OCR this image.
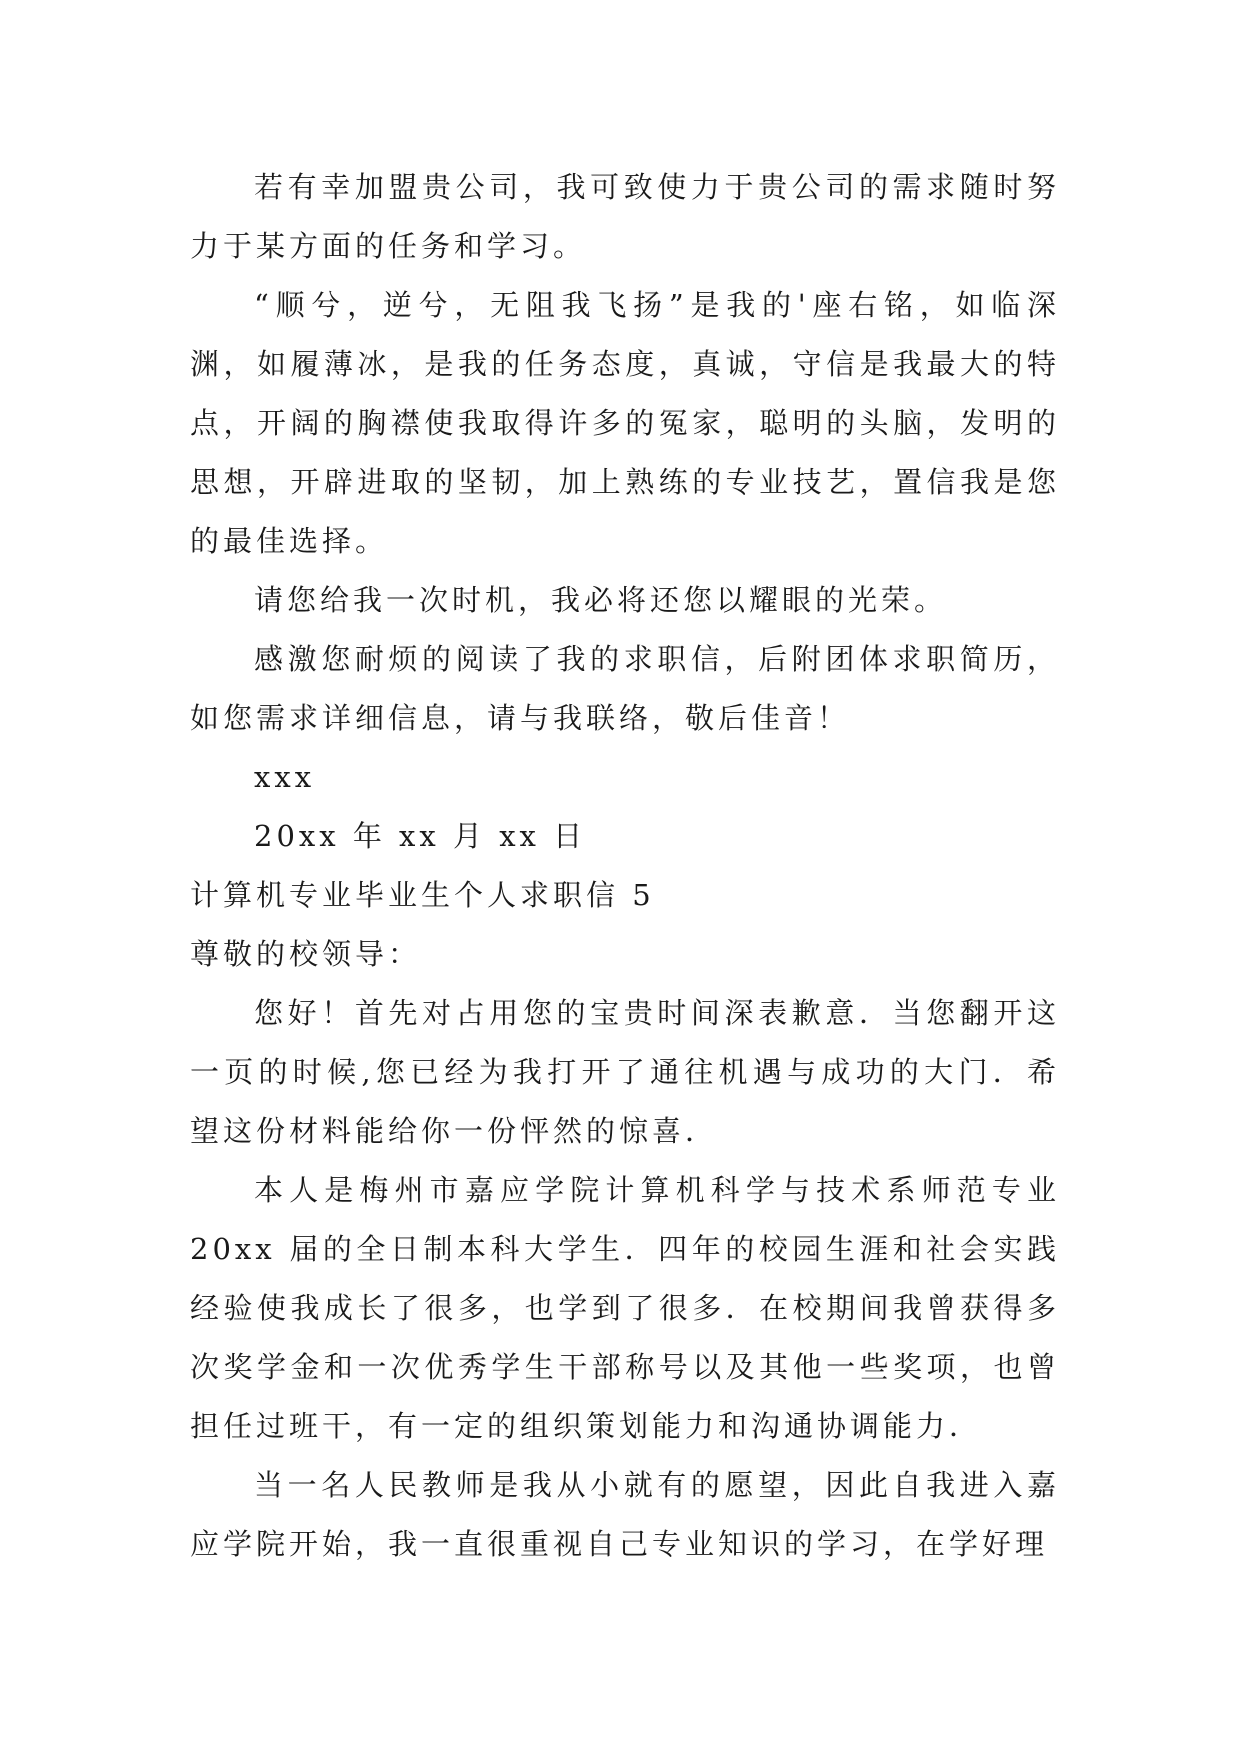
若有幸加盟贵公司，我可致使力于贵公司的需求随时努力于某方面的任务和学习。

“顺兮，逆兮，无阻我飞扬”是我的'座右铭，如临深渊，如履薄冰，是我的任务态度，真诚，守信是我最大的特点，开阔的胸襟使我取得许多的冤家，聪明的头脑，发明的思想，开辟进取的坚韧，加上熟练的专业技艺，置信我是您的最佳选择。

请您给我一次时机，我必将还您以耀眼的光荣。

感激您耐烦的阅读了我的求职信，后附团体求职简历，如您需求详细信息，请与我联络，敬后佳音！

xxx

20xx 年 xx 月 xx 日

计算机专业毕业生个人求职信 5

尊敬的校领导：

您好！首先对占用您的宝贵时间深表歉意．当您翻开这一页的时候,您已经为我打开了通往机遇与成功的大门．希望这份材料能给你一份怦然的惊喜．

本人是梅州市嘉应学院计算机科学与技术系师范专业20xx 届的全日制本科大学生．四年的校园生涯和社会实践经验使我成长了很多，也学到了很多．在校期间我曾获得多次奖学金和一次优秀学生干部称号以及其他一些奖项，也曾担任过班干，有一定的组织策划能力和沟通协调能力．

当一名人民教师是我从小就有的愿望，因此自我进入嘉应学院开始，我一直很重视自己专业知识的学习，在学好理
